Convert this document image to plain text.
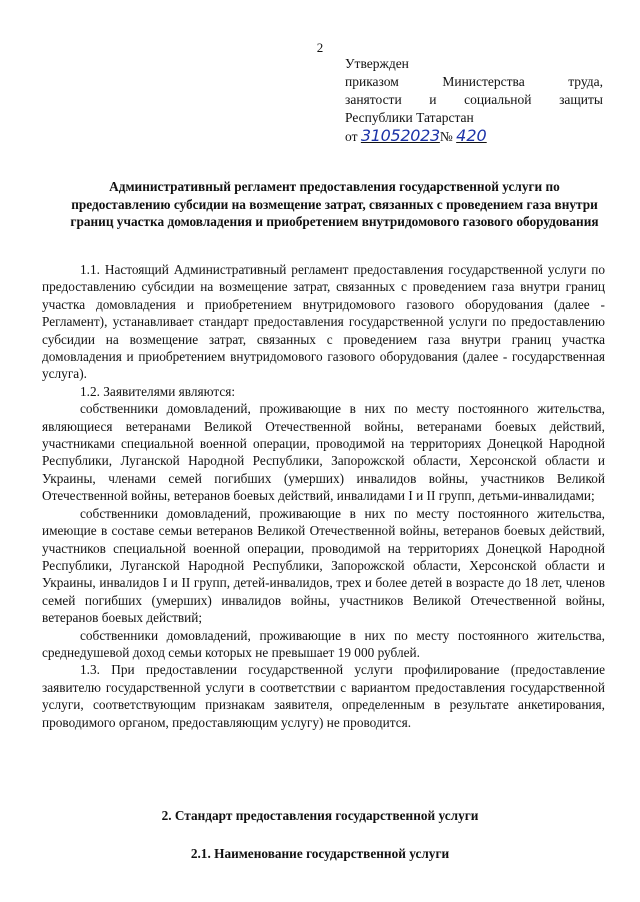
2
Утвержден
приказом Министерства труда,
занятости и социальной защиты
Республики Татарстан
от 31052023№ 420
Административный регламент предоставления государственной услуги по предоставлению субсидии на возмещение затрат, связанных с проведением газа внутри границ участка домовладения и приобретением внутридомового газового оборудования

1.1. Настоящий Административный регламент предоставления государственной услуги по предоставлению субсидии на возмещение затрат, связанных с проведением газа внутри границ участка домовладения и приобретением внутридомового газового оборудования (далее - Регламент), устанавливает стандарт предоставления государственной услуги по предоставлению субсидии на возмещение затрат, связанных с проведением газа внутри границ участка домовладения и приобретением внутридомового газового оборудования (далее - государственная услуга).

1.2. Заявителями являются:

собственники домовладений, проживающие в них по месту постоянного жительства, являющиеся ветеранами Великой Отечественной войны, ветеранами боевых действий, участниками специальной военной операции, проводимой на территориях Донецкой Народной Республики, Луганской Народной Республики, Запорожской области, Херсонской области и Украины, членами семей погибших (умерших) инвалидов войны, участников Великой Отечественной войны, ветеранов боевых действий, инвалидами I и II групп, детьми-инвалидами;

собственники домовладений, проживающие в них по месту постоянного жительства, имеющие в составе семьи ветеранов Великой Отечественной войны, ветеранов боевых действий, участников специальной военной операции, проводимой на территориях Донецкой Народной Республики, Луганской Народной Республики, Запорожской области, Херсонской области и Украины, инвалидов I и II групп, детей-инвалидов, трех и более детей в возрасте до 18 лет, членов семей погибших (умерших) инвалидов войны, участников Великой Отечественной войны, ветеранов боевых действий;

собственники домовладений, проживающие в них по месту постоянного жительства, среднедушевой доход семьи которых не превышает 19 000 рублей.

1.3. При предоставлении государственной услуги профилирование (предоставление заявителю государственной услуги в соответствии с вариантом предоставления государственной услуги, соответствующим признакам заявителя, определенным в результате анкетирования, проводимого органом, предоставляющим услугу) не проводится.

2. Стандарт предоставления государственной услуги
2.1. Наименование государственной услуги
